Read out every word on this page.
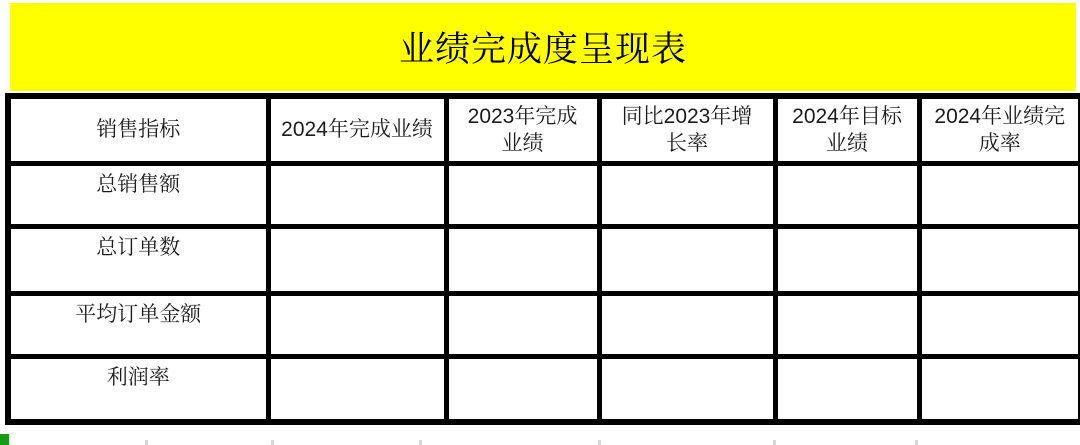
业绩完成度呈现表
销售指标	2024年完成业绩	2023年完成业绩	同比2023年增长率	2024年目标业绩	2024年业绩完成率
总销售额					
总订单数					
平均订单金额					
利润率					
